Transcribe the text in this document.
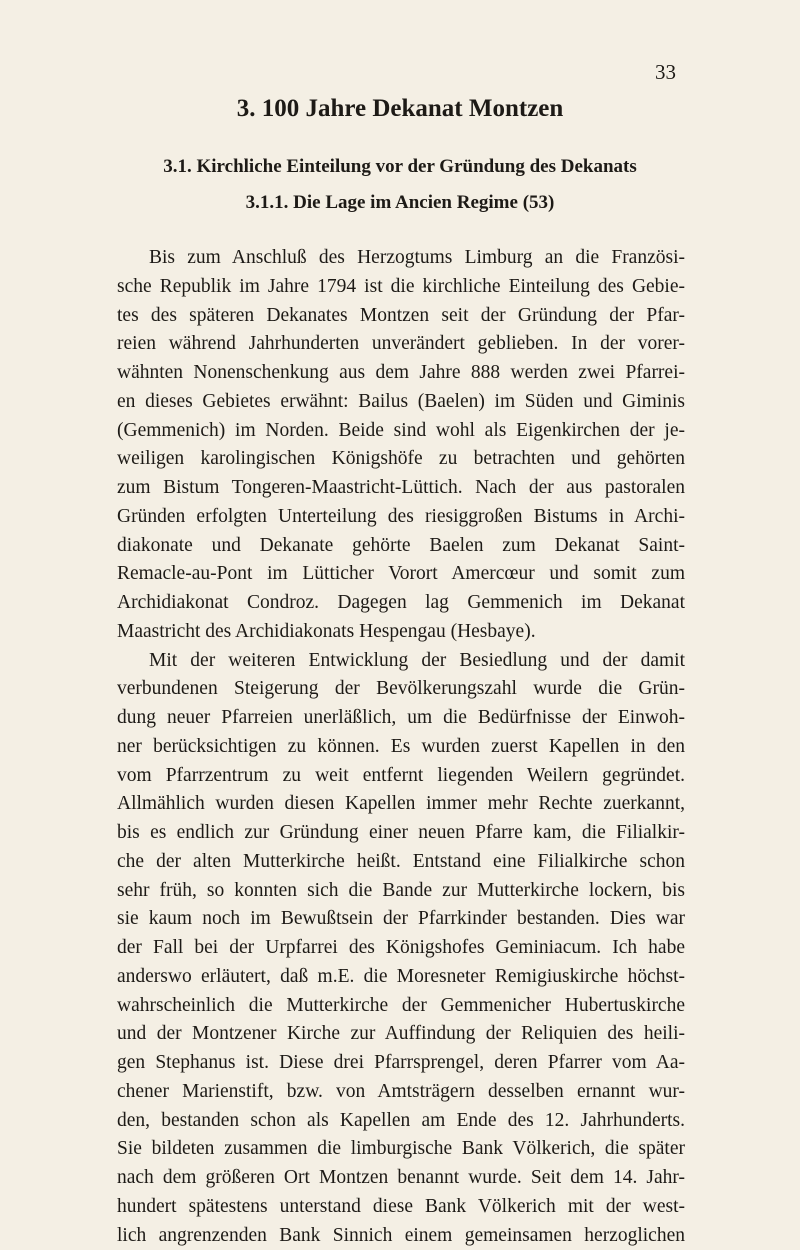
33
3. 100 Jahre Dekanat Montzen
3.1. Kirchliche Einteilung vor der Gründung des Dekanats
3.1.1. Die Lage im Ancien Regime (53)
Bis zum Anschluß des Herzogtums Limburg an die Französi-
sche Republik im Jahre 1794 ist die kirchliche Einteilung des Gebie-
tes des späteren Dekanates Montzen seit der Gründung der Pfar-
reien während Jahrhunderten unverändert geblieben. In der vorer-
wähnten Nonenschenkung aus dem Jahre 888 werden zwei Pfarrei-
en dieses Gebietes erwähnt: Bailus (Baelen) im Süden und Giminis
(Gemmenich) im Norden. Beide sind wohl als Eigenkirchen der je-
weiligen karolingischen Königshöfe zu betrachten und gehörten
zum Bistum Tongeren-Maastricht-Lüttich. Nach der aus pastoralen
Gründen erfolgten Unterteilung des riesiggroßen Bistums in Archi-
diakonate und Dekanate gehörte Baelen zum Dekanat Saint-
Remacle-au-Pont im Lütticher Vorort Amercœur und somit zum
Archidiakonat Condroz. Dagegen lag Gemmenich im Dekanat
Maastricht des Archidiakonats Hespengau (Hesbaye).
Mit der weiteren Entwicklung der Besiedlung und der damit
verbundenen Steigerung der Bevölkerungszahl wurde die Grün-
dung neuer Pfarreien unerläßlich, um die Bedürfnisse der Einwoh-
ner berücksichtigen zu können. Es wurden zuerst Kapellen in den
vom Pfarrzentrum zu weit entfernt liegenden Weilern gegründet.
Allmählich wurden diesen Kapellen immer mehr Rechte zuerkannt,
bis es endlich zur Gründung einer neuen Pfarre kam, die Filialkir-
che der alten Mutterkirche heißt. Entstand eine Filialkirche schon
sehr früh, so konnten sich die Bande zur Mutterkirche lockern, bis
sie kaum noch im Bewußtsein der Pfarrkinder bestanden. Dies war
der Fall bei der Urpfarrei des Königshofes Geminiacum. Ich habe
anderswo erläutert, daß m.E. die Moresneter Remigiuskirche höchst-
wahrscheinlich die Mutterkirche der Gemmenicher Hubertuskirche
und der Montzener Kirche zur Auffindung der Reliquien des heili-
gen Stephanus ist. Diese drei Pfarrsprengel, deren Pfarrer vom Aa-
chener Marienstift, bzw. von Amtsträgern desselben ernannt wur-
den, bestanden schon als Kapellen am Ende des 12. Jahrhunderts.
Sie bildeten zusammen die limburgische Bank Völkerich, die später
nach dem größeren Ort Montzen benannt wurde. Seit dem 14. Jahr-
hundert spätestens unterstand diese Bank Völkerich mit der west-
lich angrenzenden Bank Sinnich einem gemeinsamen herzoglichen
